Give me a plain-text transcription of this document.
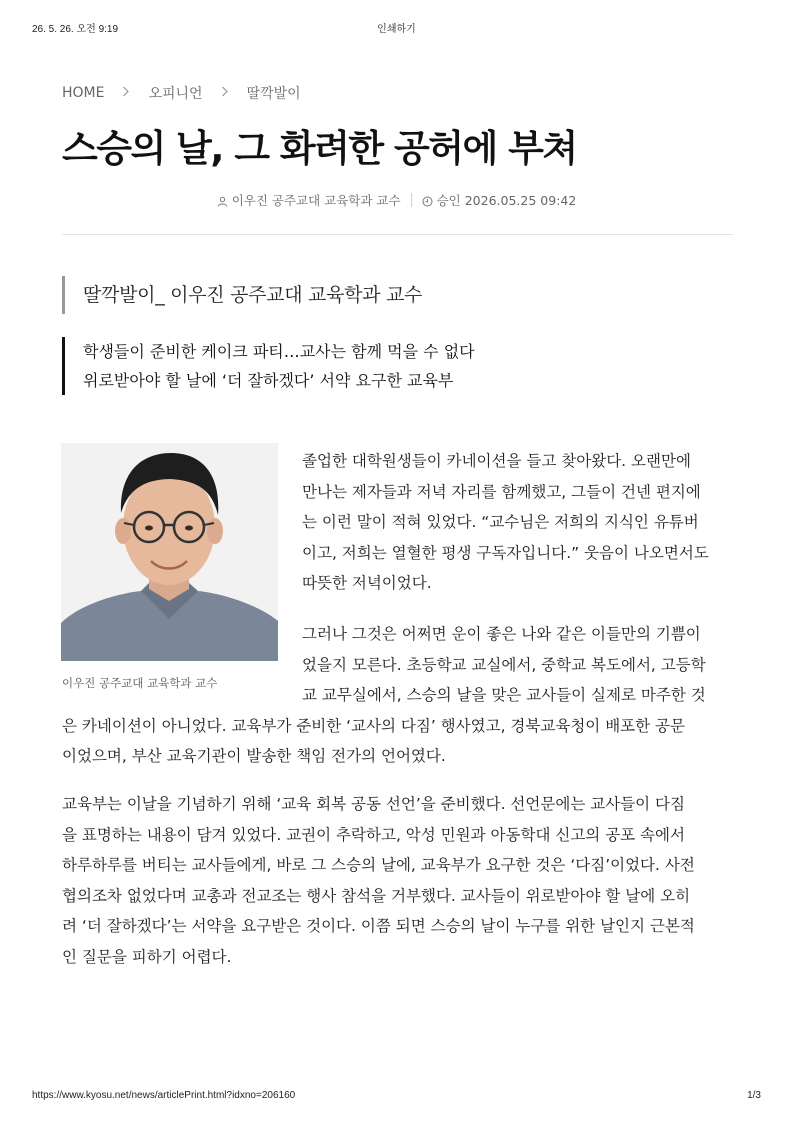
26. 5. 26. 오전 9:19	인쇄하기
HOME	오피니언	딸깍발이
스승의 날, 그 화려한 공허에 부쳐
이우진 공주교대 교육학과 교수	승인 2026.05.25 09:42
딸깍발이_ 이우진 공주교대 교육학과 교수
학생들이 준비한 케이크 파티…교사는 함께 먹을 수 없다
위로받아야 할 날에 ‘더 잘하겠다’ 서약 요구한 교육부
이우진 공주교대 교육학과 교수
졸업한 대학원생들이 카네이션을 들고 찾아왔다. 오랜만에
만나는 제자들과 저녁 자리를 함께했고, 그들이 건넨 편지에
는 이런 말이 적혀 있었다. “교수님은 저희의 지식인 유튜버
이고, 저희는 열혈한 평생 구독자입니다.” 웃음이 나오면서도
따뜻한 저녁이었다.
그러나 그것은 어쩌면 운이 좋은 나와 같은 이들만의 기쁨이
었을지 모른다. 초등학교 교실에서, 중학교 복도에서, 고등학
교 교무실에서, 스승의 날을 맞은 교사들이 실제로 마주한 것
은 카네이션이 아니었다. 교육부가 준비한 ‘교사의 다짐’ 행사였고, 경북교육청이 배포한 공문
이었으며, 부산 교육기관이 발송한 책임 전가의 언어였다.
교육부는 이날을 기념하기 위해 ‘교육 회복 공동 선언’을 준비했다. 선언문에는 교사들이 다짐
을 표명하는 내용이 담겨 있었다. 교권이 추락하고, 악성 민원과 아동학대 신고의 공포 속에서
하루하루를 버티는 교사들에게, 바로 그 스승의 날에, 교육부가 요구한 것은 ‘다짐’이었다. 사전
협의조차 없었다며 교총과 전교조는 행사 참석을 거부했다. 교사들이 위로받아야 할 날에 오히
려 ‘더 잘하겠다’는 서약을 요구받은 것이다. 이쯤 되면 스승의 날이 누구를 위한 날인지 근본적
인 질문을 피하기 어렵다.
https://www.kyosu.net/news/articlePrint.html?idxno=206160	1/3
